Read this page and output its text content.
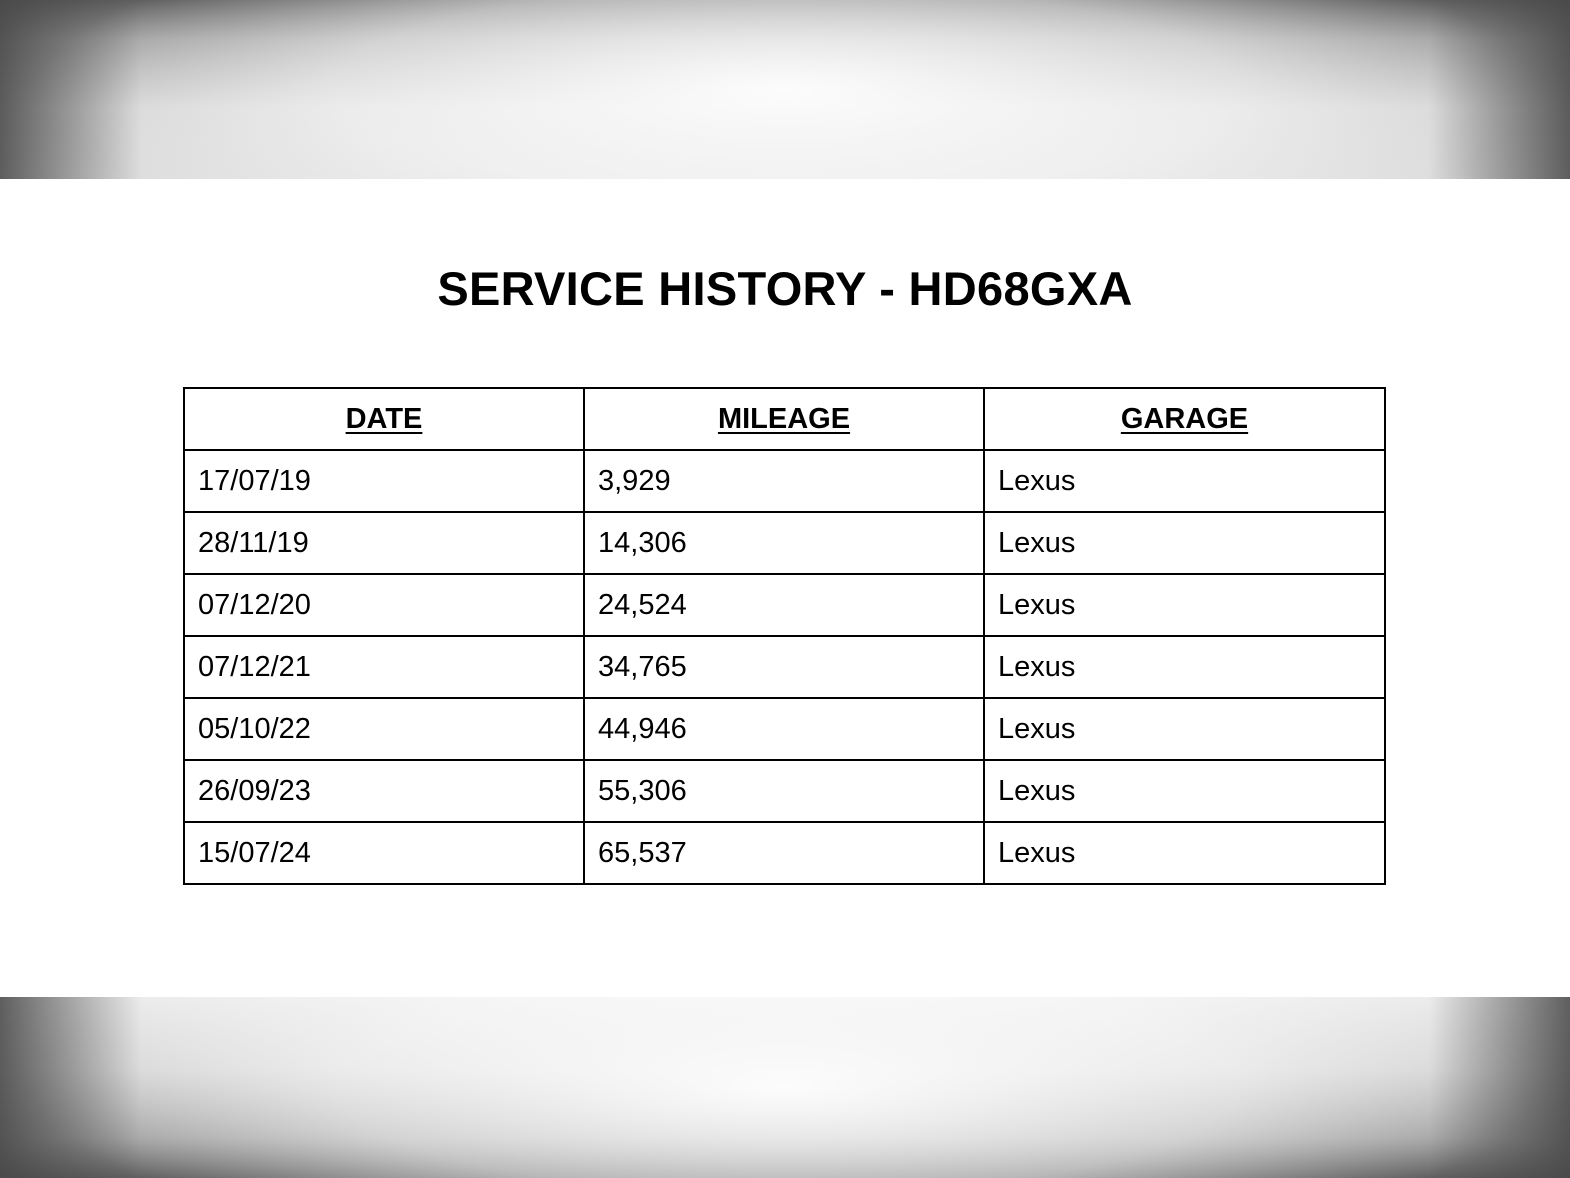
SERVICE HISTORY - HD68GXA
DATE	MILEAGE	GARAGE
17/07/19	3,929	Lexus
28/11/19	14,306	Lexus
07/12/20	24,524	Lexus
07/12/21	34,765	Lexus
05/10/22	44,946	Lexus
26/09/23	55,306	Lexus
15/07/24	65,537	Lexus
